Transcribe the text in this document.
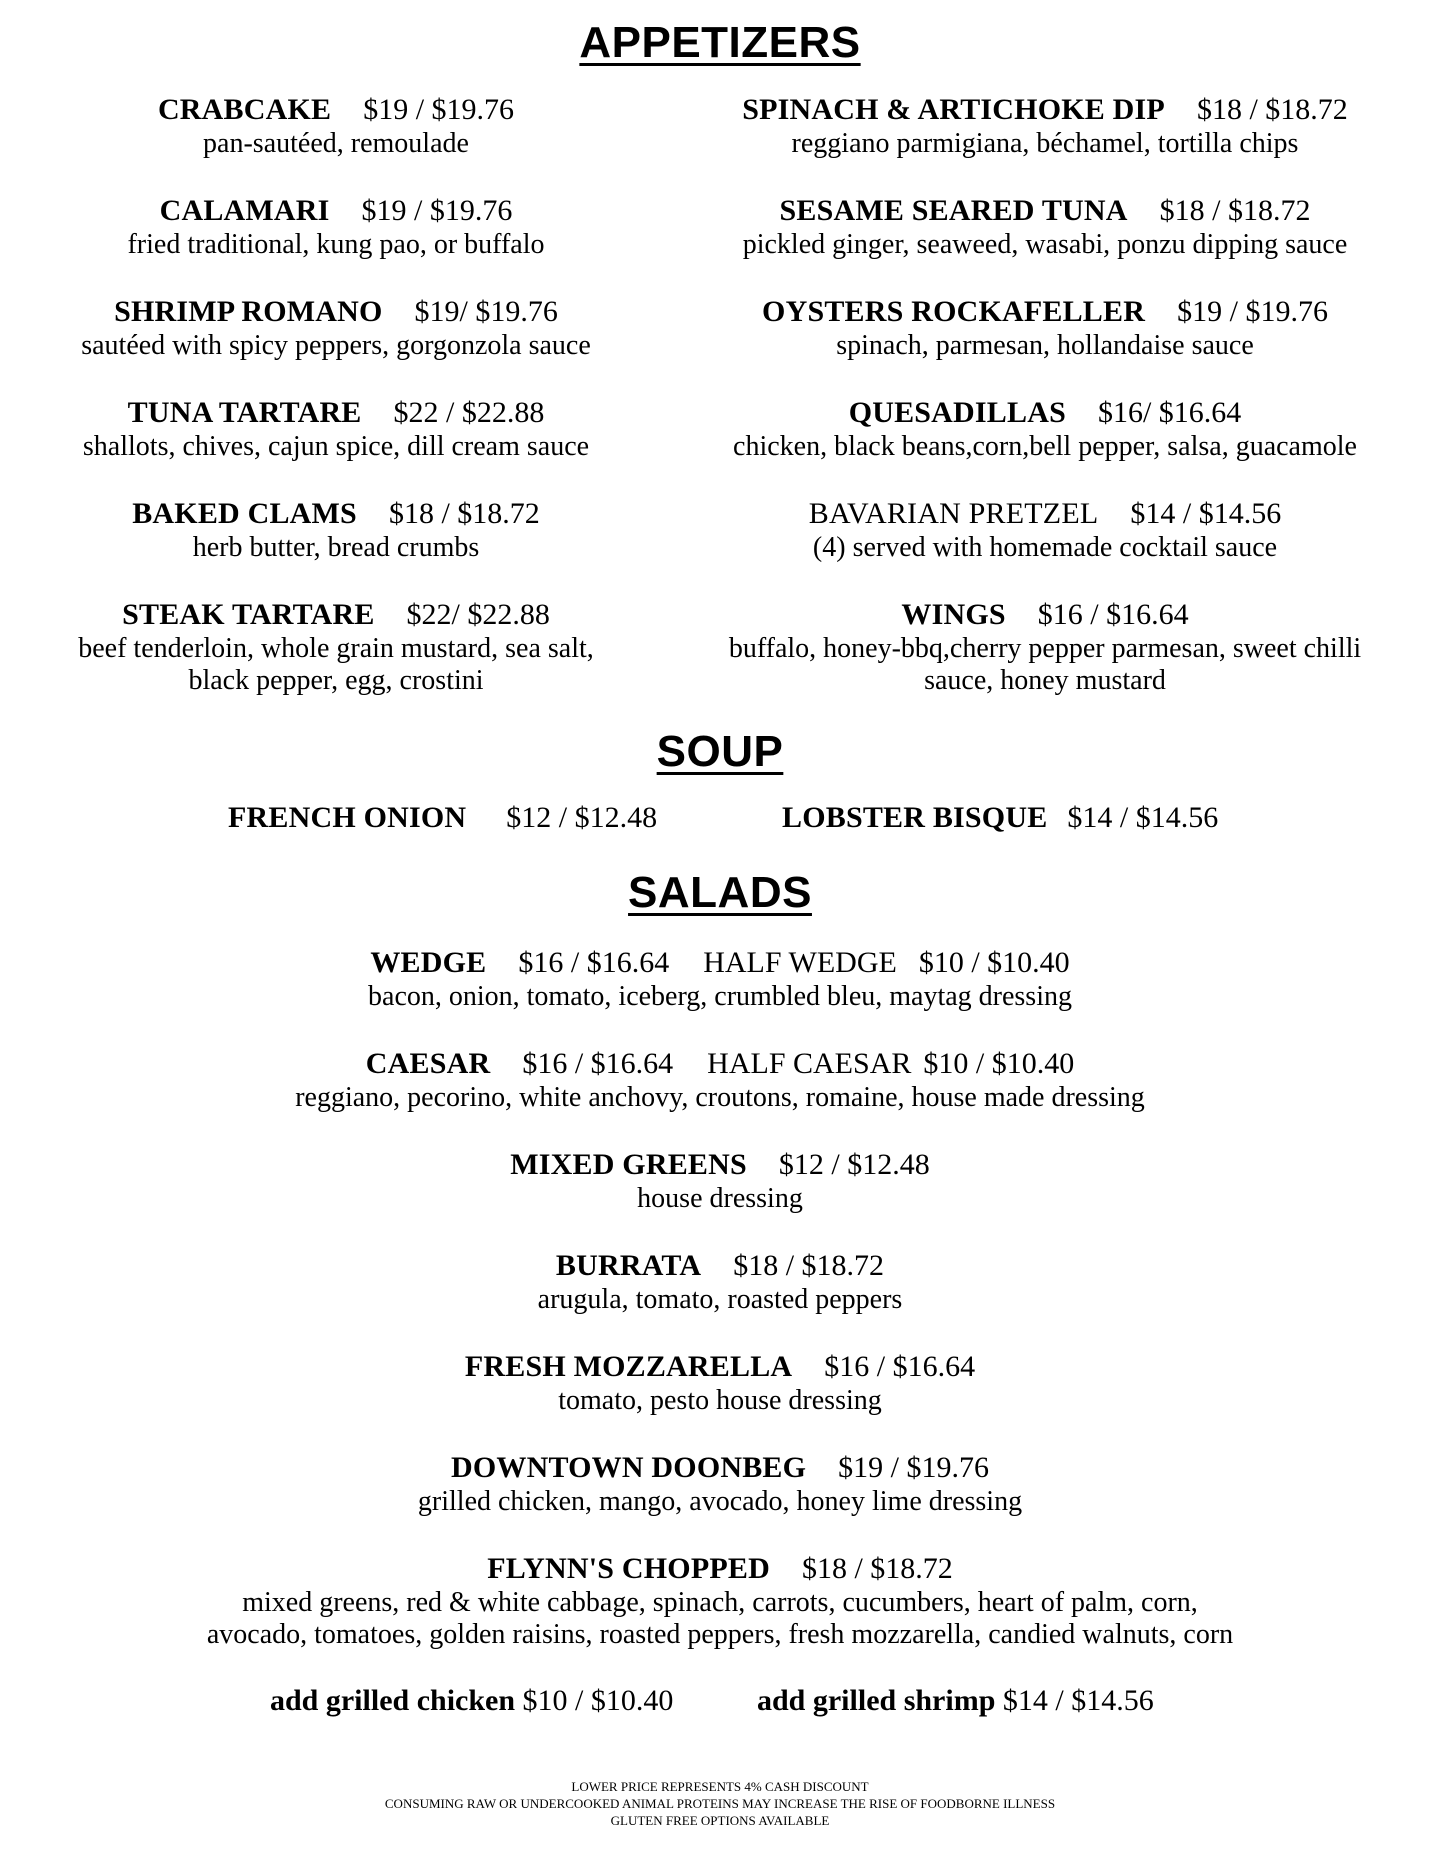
APPETIZERS
CRABCAKE $19 / $19.76
pan-sautéed, remoulade
CALAMARI $19 / $19.76
fried traditional, kung pao, or buffalo
SHRIMP ROMANO $19/ $19.76
sautéed with spicy peppers, gorgonzola sauce
TUNA TARTARE $22 / $22.88
shallots, chives, cajun spice, dill cream sauce
BAKED CLAMS $18 / $18.72
herb butter, bread crumbs
STEAK TARTARE $22/ $22.88
beef tenderloin, whole grain mustard, sea salt,
black pepper, egg, crostini
SPINACH & ARTICHOKE DIP $18 / $18.72
reggiano parmigiana, béchamel, tortilla chips
SESAME SEARED TUNA $18 / $18.72
pickled ginger, seaweed, wasabi, ponzu dipping sauce
OYSTERS ROCKAFELLER $19 / $19.76
spinach, parmesan, hollandaise sauce
QUESADILLAS $16/ $16.64
chicken, black beans,corn,bell pepper, salsa, guacamole
BAVARIAN PRETZEL $14 / $14.56
(4) served with homemade cocktail sauce
WINGS $16 / $16.64
buffalo, honey-bbq,cherry pepper parmesan, sweet chilli
sauce, honey mustard
SOUP
FRENCH ONION $12 / $12.48	LOBSTER BISQUE $14 / $14.56
SALADS
WEDGE $16 / $16.64 HALF WEDGE $10 / $10.40
bacon, onion, tomato, iceberg, crumbled bleu, maytag dressing
CAESAR $16 / $16.64 HALF CAESAR $10 / $10.40
reggiano, pecorino, white anchovy, croutons, romaine, house made dressing
MIXED GREENS $12 / $12.48
house dressing
BURRATA $18 / $18.72
arugula, tomato, roasted peppers
FRESH MOZZARELLA $16 / $16.64
tomato, pesto house dressing
DOWNTOWN DOONBEG $19 / $19.76
grilled chicken, mango, avocado, honey lime dressing
FLYNN'S CHOPPED $18 / $18.72
mixed greens, red & white cabbage, spinach, carrots, cucumbers, heart of palm, corn,
avocado, tomatoes, golden raisins, roasted peppers, fresh mozzarella, candied walnuts, corn
add grilled chicken $10 / $10.40	add grilled shrimp $14 / $14.56
LOWER PRICE REPRESENTS 4% CASH DISCOUNT
CONSUMING RAW OR UNDERCOOKED ANIMAL PROTEINS MAY INCREASE THE RISE OF FOODBORNE ILLNESS
GLUTEN FREE OPTIONS AVAILABLE
